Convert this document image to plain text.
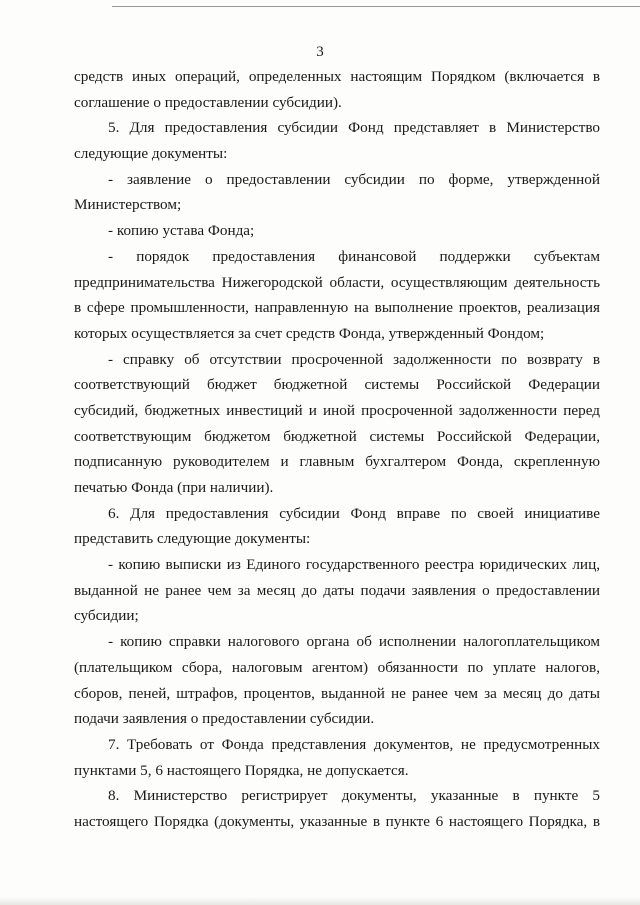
3
средств иных операций, определенных настоящим Порядком (включается в
соглашение о предоставлении субсидии).
5. Для предоставления субсидии Фонд представляет в Министерство
следующие документы:
- заявление о предоставлении субсидии по форме, утвержденной
Министерством;
- копию устава Фонда;
- порядок предоставления финансовой поддержки субъектам
предпринимательства Нижегородской области, осуществляющим деятельность
в сфере промышленности, направленную на выполнение проектов, реализация
которых осуществляется за счет средств Фонда, утвержденный Фондом;
- справку об отсутствии просроченной задолженности по возврату в
соответствующий бюджет бюджетной системы Российской Федерации
субсидий, бюджетных инвестиций и иной просроченной задолженности перед
соответствующим бюджетом бюджетной системы Российской Федерации,
подписанную руководителем и главным бухгалтером Фонда, скрепленную
печатью Фонда (при наличии).
6. Для предоставления субсидии Фонд вправе по своей инициативе
представить следующие документы:
- копию выписки из Единого государственного реестра юридических лиц,
выданной не ранее чем за месяц до даты подачи заявления о предоставлении
субсидии;
- копию справки налогового органа об исполнении налогоплательщиком
(плательщиком сбора, налоговым агентом) обязанности по уплате налогов,
сборов, пеней, штрафов, процентов, выданной не ранее чем за месяц до даты
подачи заявления о предоставлении субсидии.
7. Требовать от Фонда представления документов, не предусмотренных
пунктами 5, 6 настоящего Порядка, не допускается.
8. Министерство регистрирует документы, указанные в пункте 5
настоящего Порядка (документы, указанные в пункте 6 настоящего Порядка, в
